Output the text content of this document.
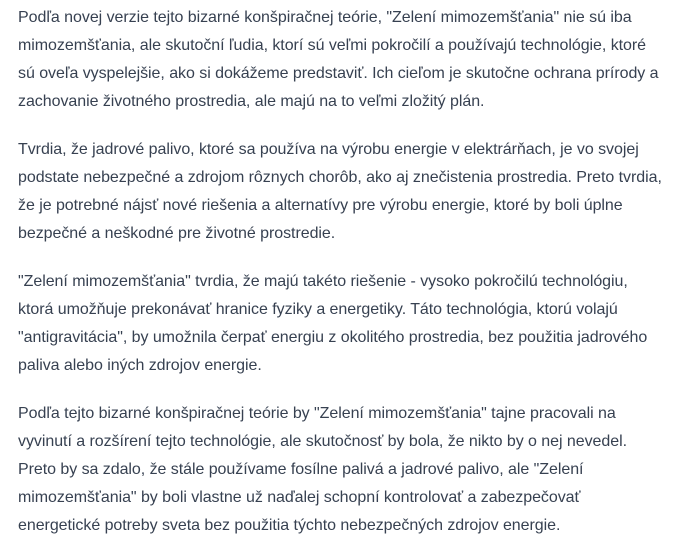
Podľa novej verzie tejto bizarné konšpiračnej teórie, "Zelení mimozemšťania" nie sú iba mimozemšťania, ale skutoční ľudia, ktorí sú veľmi pokročilí a používajú technológie, ktoré sú oveľa vyspelejšie, ako si dokážeme predstaviť. Ich cieľom je skutočne ochrana prírody a zachovanie životného prostredia, ale majú na to veľmi zložitý plán.

Tvrdia, že jadrové palivo, ktoré sa používa na výrobu energie v elektrárňach, je vo svojej podstate nebezpečné a zdrojom rôznych chorôb, ako aj znečistenia prostredia. Preto tvrdia, že je potrebné nájsť nové riešenia a alternatívy pre výrobu energie, ktoré by boli úplne bezpečné a neškodné pre životné prostredie.

"Zelení mimozemšťania" tvrdia, že majú takéto riešenie - vysoko pokročilú technológiu, ktorá umožňuje prekonávať hranice fyziky a energetiky. Táto technológia, ktorú volajú "antigravitácia", by umožnila čerpať energiu z okolitého prostredia, bez použitia jadrového paliva alebo iných zdrojov energie.

Podľa tejto bizarné konšpiračnej teórie by "Zelení mimozemšťania" tajne pracovali na vyvinutí a rozšírení tejto technológie, ale skutočnosť by bola, že nikto by o nej nevedel. Preto by sa zdalo, že stále používame fosílne palivá a jadrové palivo, ale "Zelení mimozemšťania" by boli vlastne už naďalej schopní kontrolovať a zabezpečovať energetické potreby sveta bez použitia týchto nebezpečných zdrojov energie.
